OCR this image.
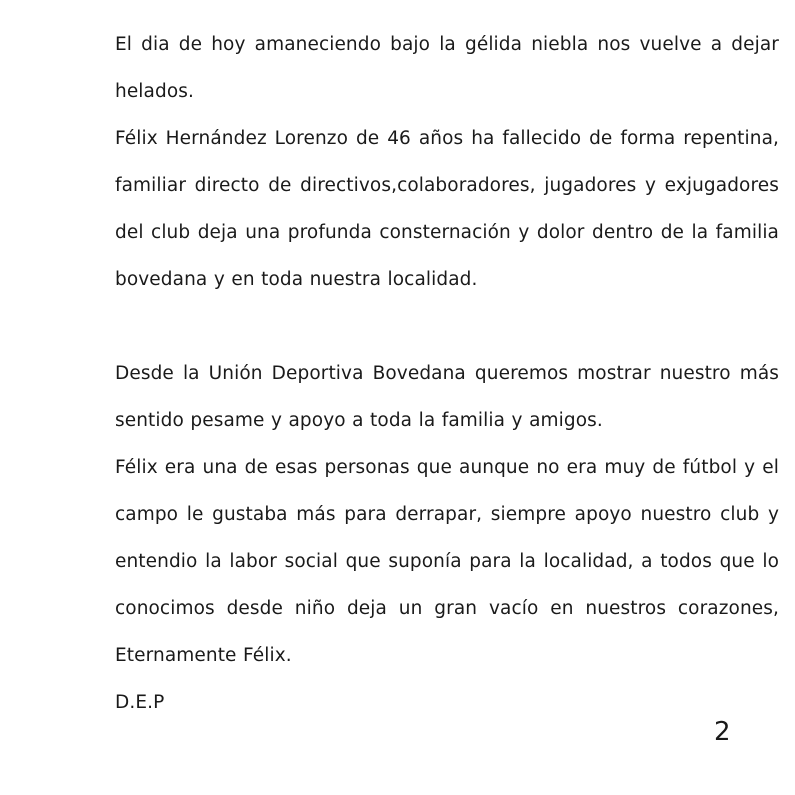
El dia de hoy amaneciendo bajo la gélida niebla nos vuelve a dejar helados.

Félix Hernández Lorenzo de 46 años ha fallecido de forma repentina, familiar directo de directivos,colaboradores, jugadores y exjugadores del club deja una profunda consternación y dolor dentro de la familia bovedana y en toda nuestra localidad.

Desde la Unión Deportiva Bovedana queremos mostrar nuestro más sentido pesame y apoyo a toda la familia y amigos.

Félix era una de esas personas que aunque no era muy de fútbol y el campo le gustaba más para derrapar, siempre apoyo nuestro club y entendio la labor social que suponía para la localidad, a todos que lo conocimos desde niño deja un gran vacío en nuestros corazones, Eternamente Félix.

D.E.P

2
